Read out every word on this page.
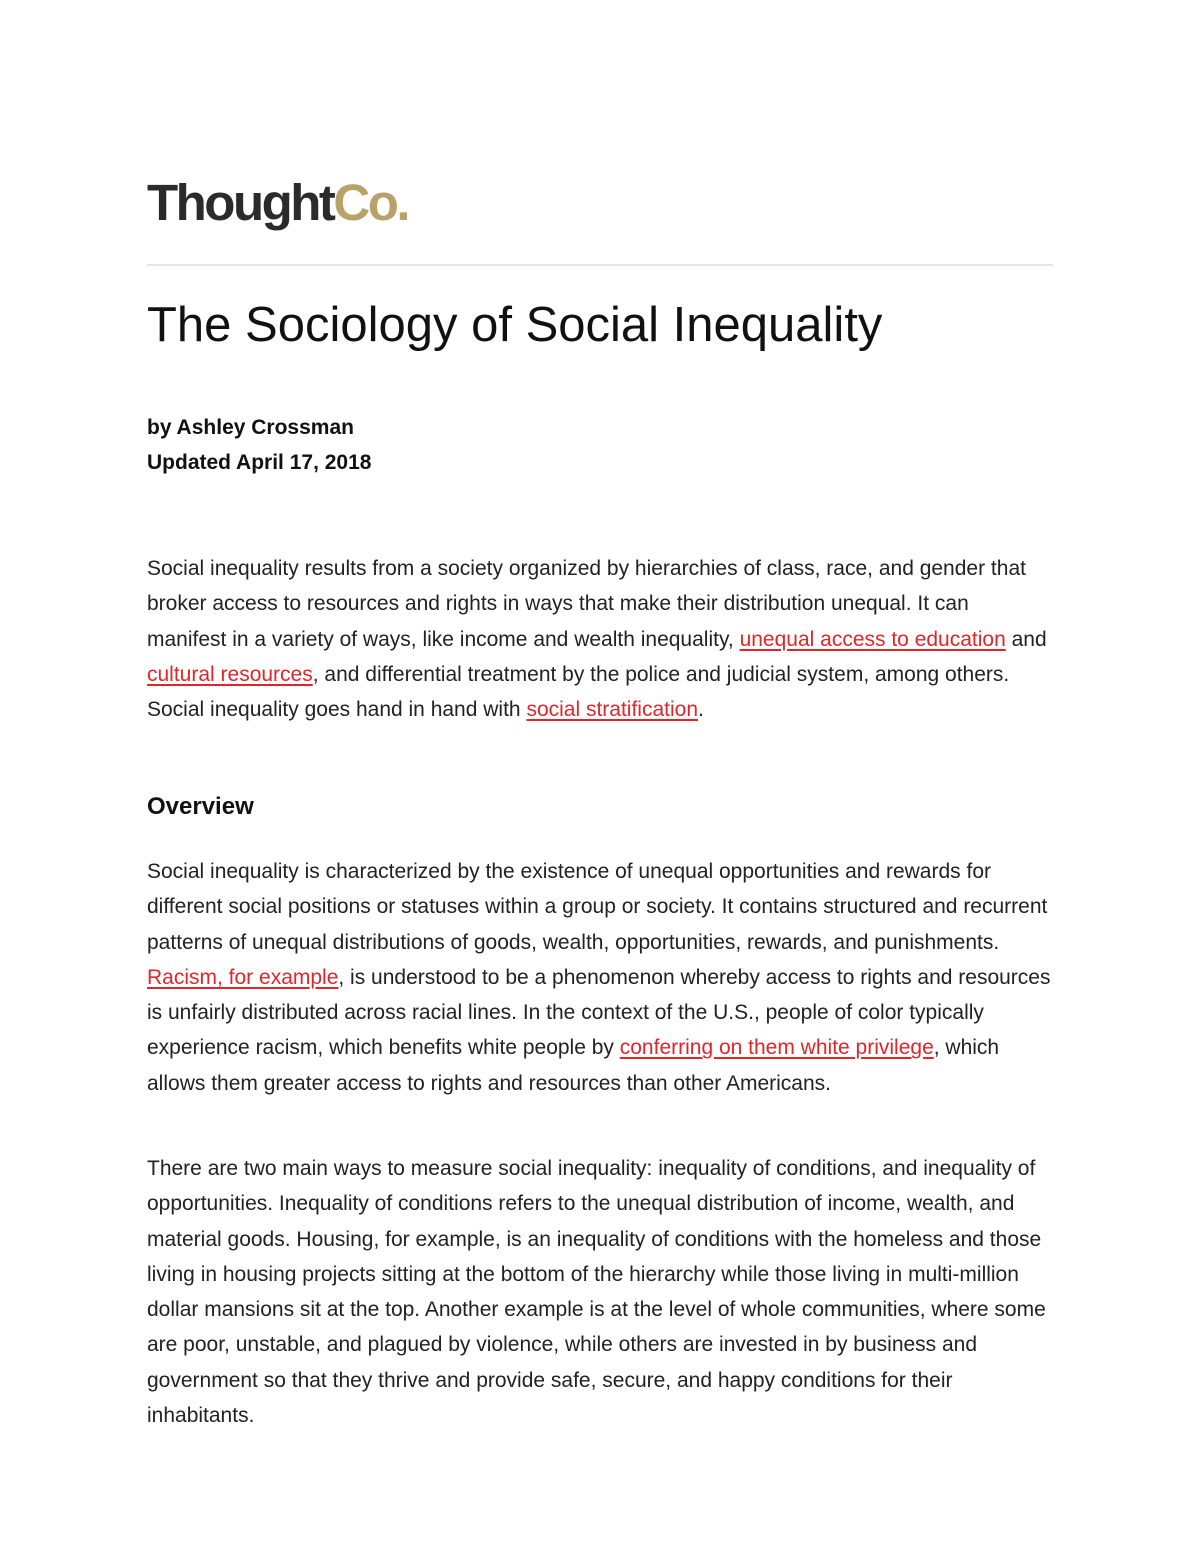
ThoughtCo.
The Sociology of Social Inequality
by Ashley Crossman
Updated April 17, 2018

Social inequality results from a society organized by hierarchies of class, race, and gender that broker access to resources and rights in ways that make their distribution unequal. It can manifest in a variety of ways, like income and wealth inequality, unequal access to education and cultural resources, and differential treatment by the police and judicial system, among others. Social inequality goes hand in hand with social stratification.

Overview

Social inequality is characterized by the existence of unequal opportunities and rewards for different social positions or statuses within a group or society. It contains structured and recurrent patterns of unequal distributions of goods, wealth, opportunities, rewards, and punishments. Racism, for example, is understood to be a phenomenon whereby access to rights and resources is unfairly distributed across racial lines. In the context of the U.S., people of color typically experience racism, which benefits white people by conferring on them white privilege, which allows them greater access to rights and resources than other Americans.

There are two main ways to measure social inequality: inequality of conditions, and inequality of opportunities. Inequality of conditions refers to the unequal distribution of income, wealth, and material goods. Housing, for example, is an inequality of conditions with the homeless and those living in housing projects sitting at the bottom of the hierarchy while those living in multi-million dollar mansions sit at the top. Another example is at the level of whole communities, where some are poor, unstable, and plagued by violence, while others are invested in by business and government so that they thrive and provide safe, secure, and happy conditions for their inhabitants.
